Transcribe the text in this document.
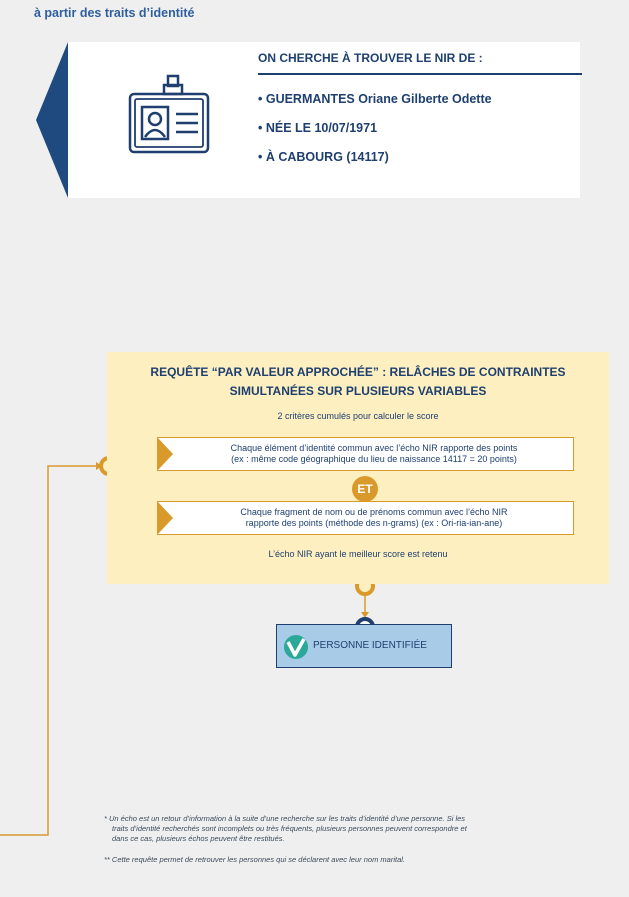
à partir des traits d’identité
ON CHERCHE À TROUVER LE NIR DE :
• GUERMANTES Oriane Gilberte Odette
• NÉE LE 10/07/1971
• À CABOURG (14117)
REQUÊTE “PAR VALEUR APPROCHÉE” : RELÂCHES DE CONTRAINTES
SIMULTANÉES SUR PLUSIEURS VARIABLES
2 critères cumulés pour calculer le score
Chaque élément d’identité commun avec l’écho NIR rapporte des points
(ex : même code géographique du lieu de naissance 14117 = 20 points)
ET
Chaque fragment de nom ou de prénoms commun avec l’écho NIR
rapporte des points (méthode des n-grams) (ex : Ori-ria-ian-ane)
L’écho NIR ayant le meilleur score est retenu
PERSONNE IDENTIFIÉE
* Un écho est un retour d’information à la suite d’une recherche sur les traits d’identité d’une personne. Si les
traits d’identité recherchés sont incomplets ou très fréquents, plusieurs personnes peuvent correspondre et
dans ce cas, plusieurs échos peuvent être restitués.
** Cette requête permet de retrouver les personnes qui se déclarent avec leur nom marital.
